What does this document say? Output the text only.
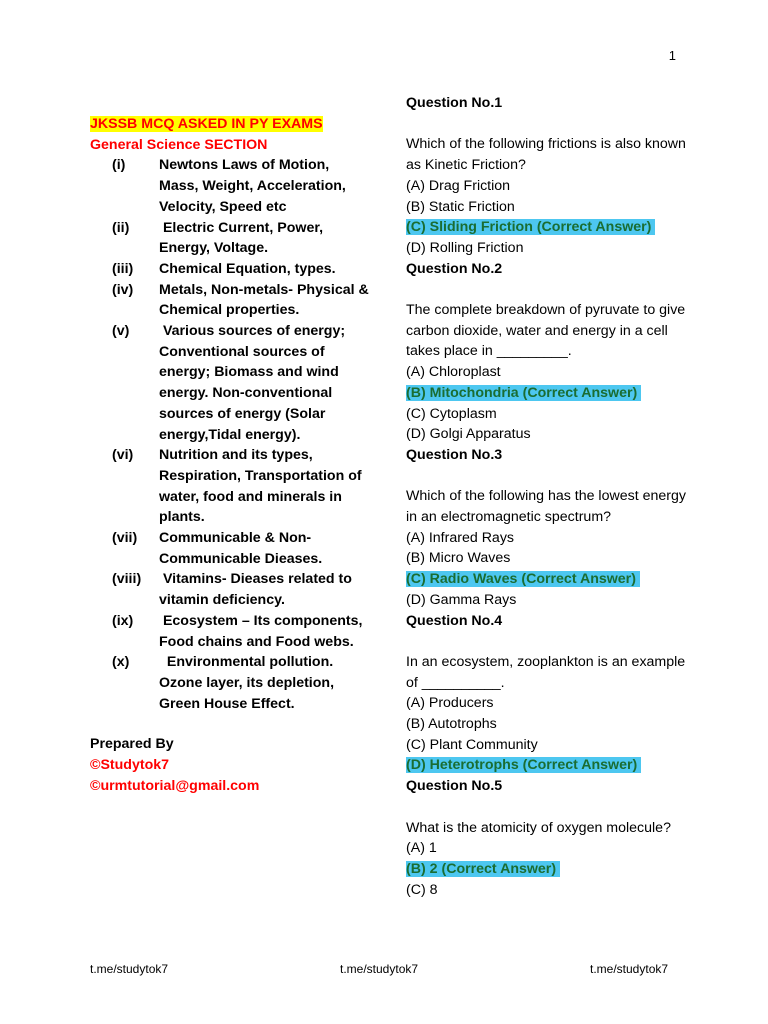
1
JKSSB MCQ ASKED IN PY EXAMS
General Science SECTION
(i)	Newtons Laws of Motion, Mass, Weight, Acceleration, Velocity, Speed etc
(ii)	Electric Current, Power, Energy, Voltage.
(iii)	Chemical Equation, types.
(iv)	Metals, Non-metals- Physical & Chemical properties.
(v)	Various sources of energy; Conventional sources of energy; Biomass and wind energy. Non-conventional sources of energy (Solar energy,Tidal energy).
(vi)	Nutrition and its types, Respiration, Transportation of water, food and minerals in plants.
(vii)	Communicable & Non-Communicable Dieases.
(viii)	Vitamins- Dieases related to vitamin deficiency.
(ix)	Ecosystem – Its components, Food chains and Food webs.
(x)	Environmental pollution. Ozone layer, its depletion, Green House Effect.
Prepared By
©Studytok7
©urmtutorial@gmail.com
Question No.1
Which of the following frictions is also known as Kinetic Friction?
(A) Drag Friction
(B) Static Friction
(C) Sliding Friction (Correct Answer)
(D) Rolling Friction
Question No.2
The complete breakdown of pyruvate to give carbon dioxide, water and energy in a cell
takes place in _________.
(A) Chloroplast
(B) Mitochondria (Correct Answer)
(C) Cytoplasm
(D) Golgi Apparatus
Question No.3
Which of the following has the lowest energy in an electromagnetic spectrum?
(A) Infrared Rays
(B) Micro Waves
(C) Radio Waves (Correct Answer)
(D) Gamma Rays
Question No.4
In an ecosystem, zooplankton is an example of __________.
(A) Producers
(B) Autotrophs
(C) Plant Community
(D) Heterotrophs (Correct Answer)
Question No.5
What is the atomicity of oxygen molecule?
(A) 1
(B) 2 (Correct Answer)
(C) 8
t.me/studytok7	t.me/studytok7	t.me/studytok7
